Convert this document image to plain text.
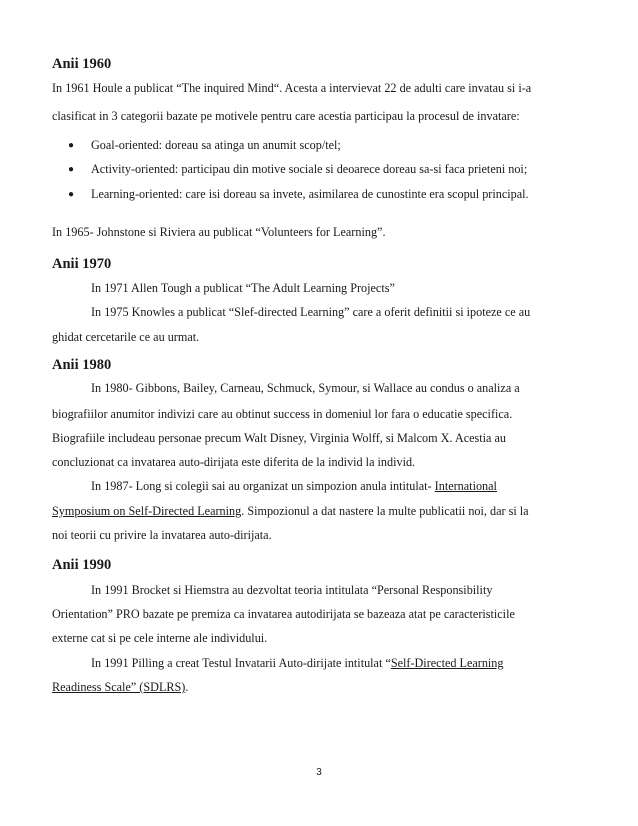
Anii 1960

In 1961 Houle a publicat “The inquired Mind“. Acesta a intervievat 22 de adulti care invatau si i-a

clasificat in 3 categorii bazate pe motivele pentru care acestia participau la procesul de invatare:

● Goal-oriented: doreau sa atinga un anumit scop/tel;

● Activity-oriented: participau din motive sociale si deoarece doreau sa-si faca prieteni noi;

● Learning-oriented: care isi doreau sa invete, asimilarea de cunostinte era scopul principal.

In 1965- Johnstone si Riviera au publicat “Volunteers for Learning”.

Anii 1970

In 1971 Allen Tough a publicat “The Adult Learning Projects”

In 1975 Knowles a publicat “Slef-directed Learning” care a oferit definitii si ipoteze ce au

ghidat cercetarile ce au urmat.

Anii 1980

In 1980- Gibbons, Bailey, Carneau, Schmuck, Symour, si Wallace au condus o analiza a

biografiilor anumitor indivizi care au obtinut success in domeniul lor fara o educatie specifica.

Biografiile includeau personae precum Walt Disney, Virginia Wolff, si Malcom X. Acestia au

concluzionat ca invatarea auto-dirijata este diferita de la individ la individ.

In 1987- Long si colegii sai au organizat un simpozion anula intitulat- International

Symposium on Self-Directed Learning. Simpozionul a dat nastere la multe publicatii noi, dar si la

noi teorii cu privire la invatarea auto-dirijata.

Anii 1990

In 1991 Brocket si Hiemstra au dezvoltat teoria intitulata “Personal Responsibility

Orientation” PRO bazate pe premiza ca invatarea autodirijata se bazeaza atat pe caracteristicile

externe cat si pe cele interne ale individului.

In 1991 Pilling a creat Testul Invatarii Auto-dirijate intitulat “Self-Directed Learning

Readiness Scale” (SDLRS).

3
